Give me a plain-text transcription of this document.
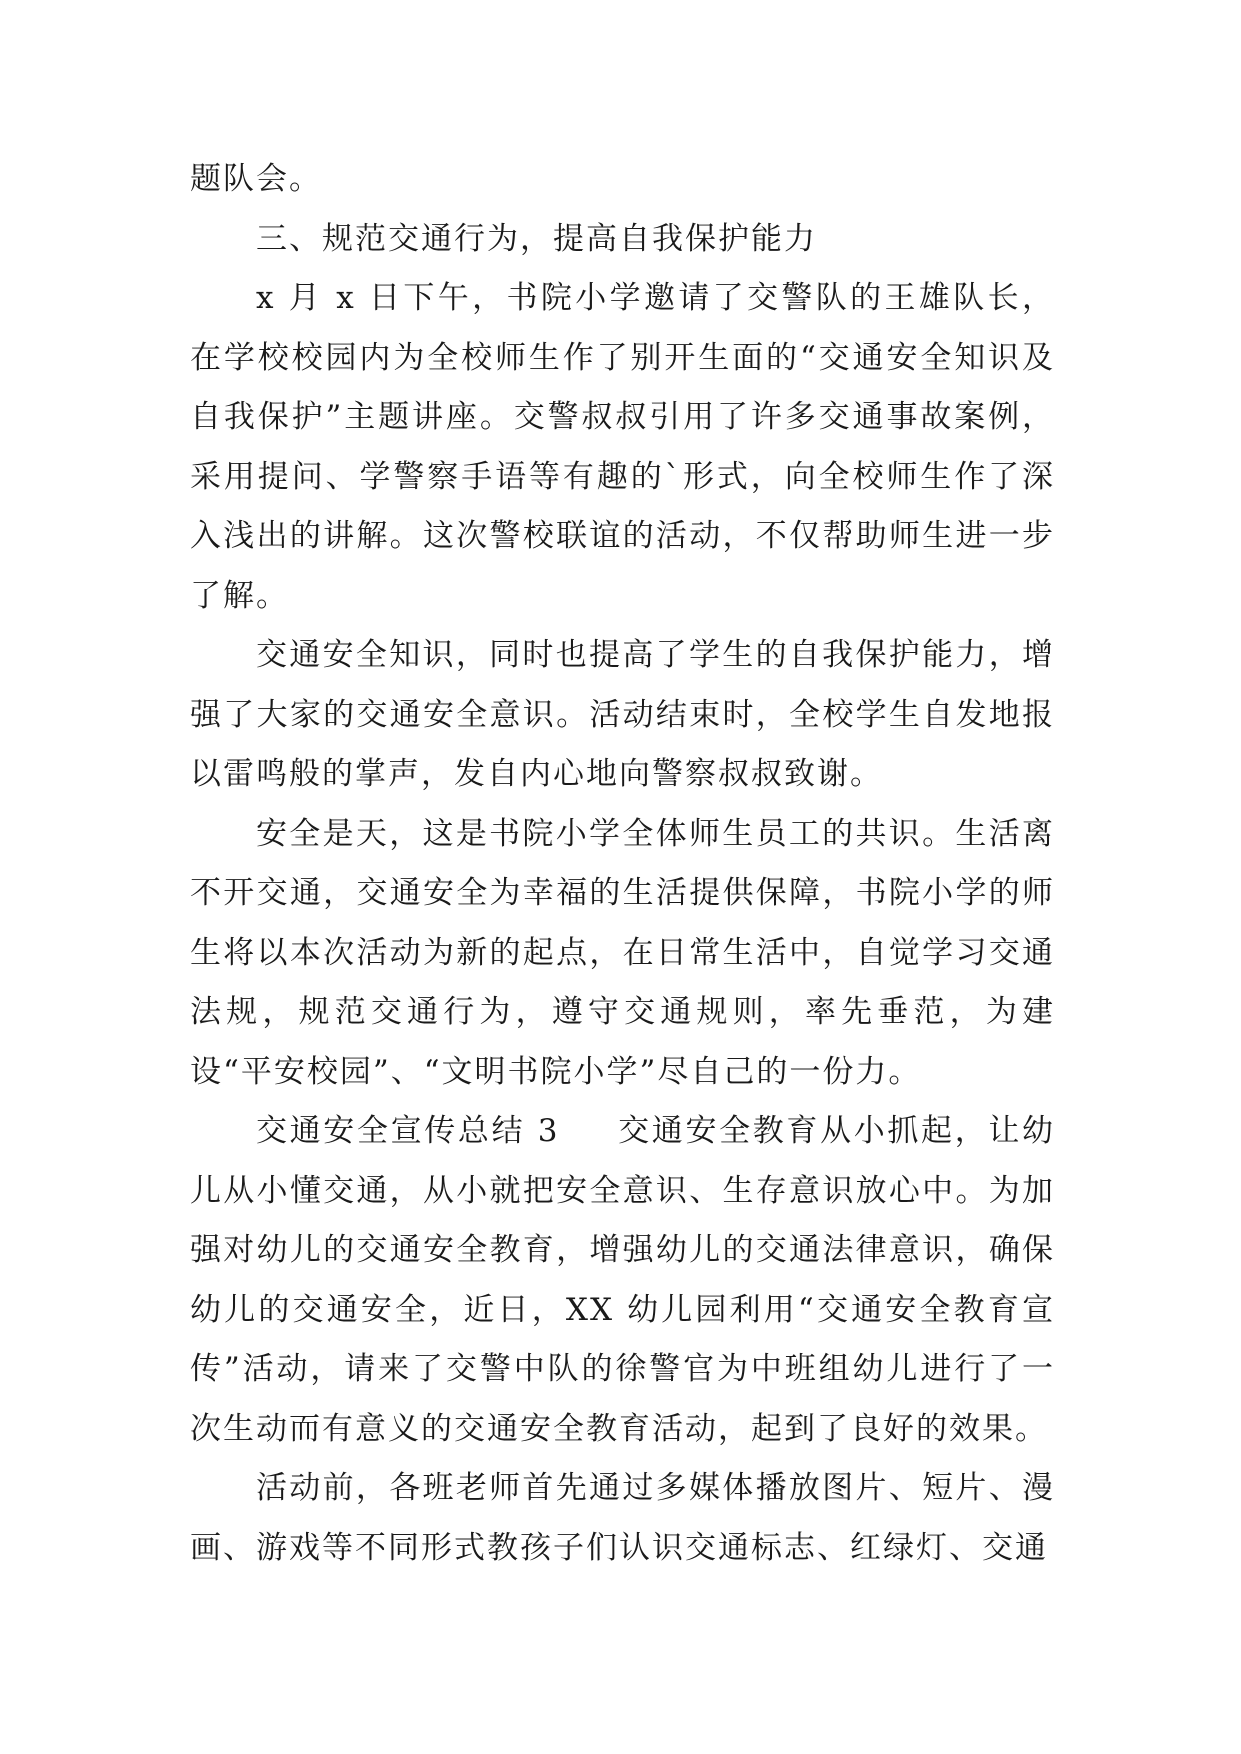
题队会。

三、规范交通行为，提高自我保护能力

x 月 x 日下午，书院小学邀请了交警队的王雄队长，在学校校园内为全校师生作了别开生面的“交通安全知识及自我保护”主题讲座。交警叔叔引用了许多交通事故案例，采用提问、学警察手语等有趣的`形式，向全校师生作了深入浅出的讲解。这次警校联谊的活动，不仅帮助师生进一步了解。

交通安全知识，同时也提高了学生的自我保护能力，增强了大家的交通安全意识。活动结束时，全校学生自发地报以雷鸣般的掌声，发自内心地向警察叔叔致谢。

安全是天，这是书院小学全体师生员工的共识。生活离不开交通，交通安全为幸福的生活提供保障，书院小学的师生将以本次活动为新的起点，在日常生活中，自觉学习交通法规，规范交通行为，遵守交通规则，率先垂范，为建设“平安校园”、“文明书院小学”尽自己的一份力。

交通安全宣传总结 3 交通安全教育从小抓起，让幼儿从小懂交通，从小就把安全意识、生存意识放心中。为加强对幼儿的交通安全教育，增强幼儿的交通法律意识，确保幼儿的交通安全，近日，XX 幼儿园利用“交通安全教育宣传”活动，请来了交警中队的徐警官为中班组幼儿进行了一次生动而有意义的交通安全教育活动，起到了良好的效果。

活动前，各班老师首先通过多媒体播放图片、短片、漫画、游戏等不同形式教孩子们认识交通标志、红绿灯、交通
